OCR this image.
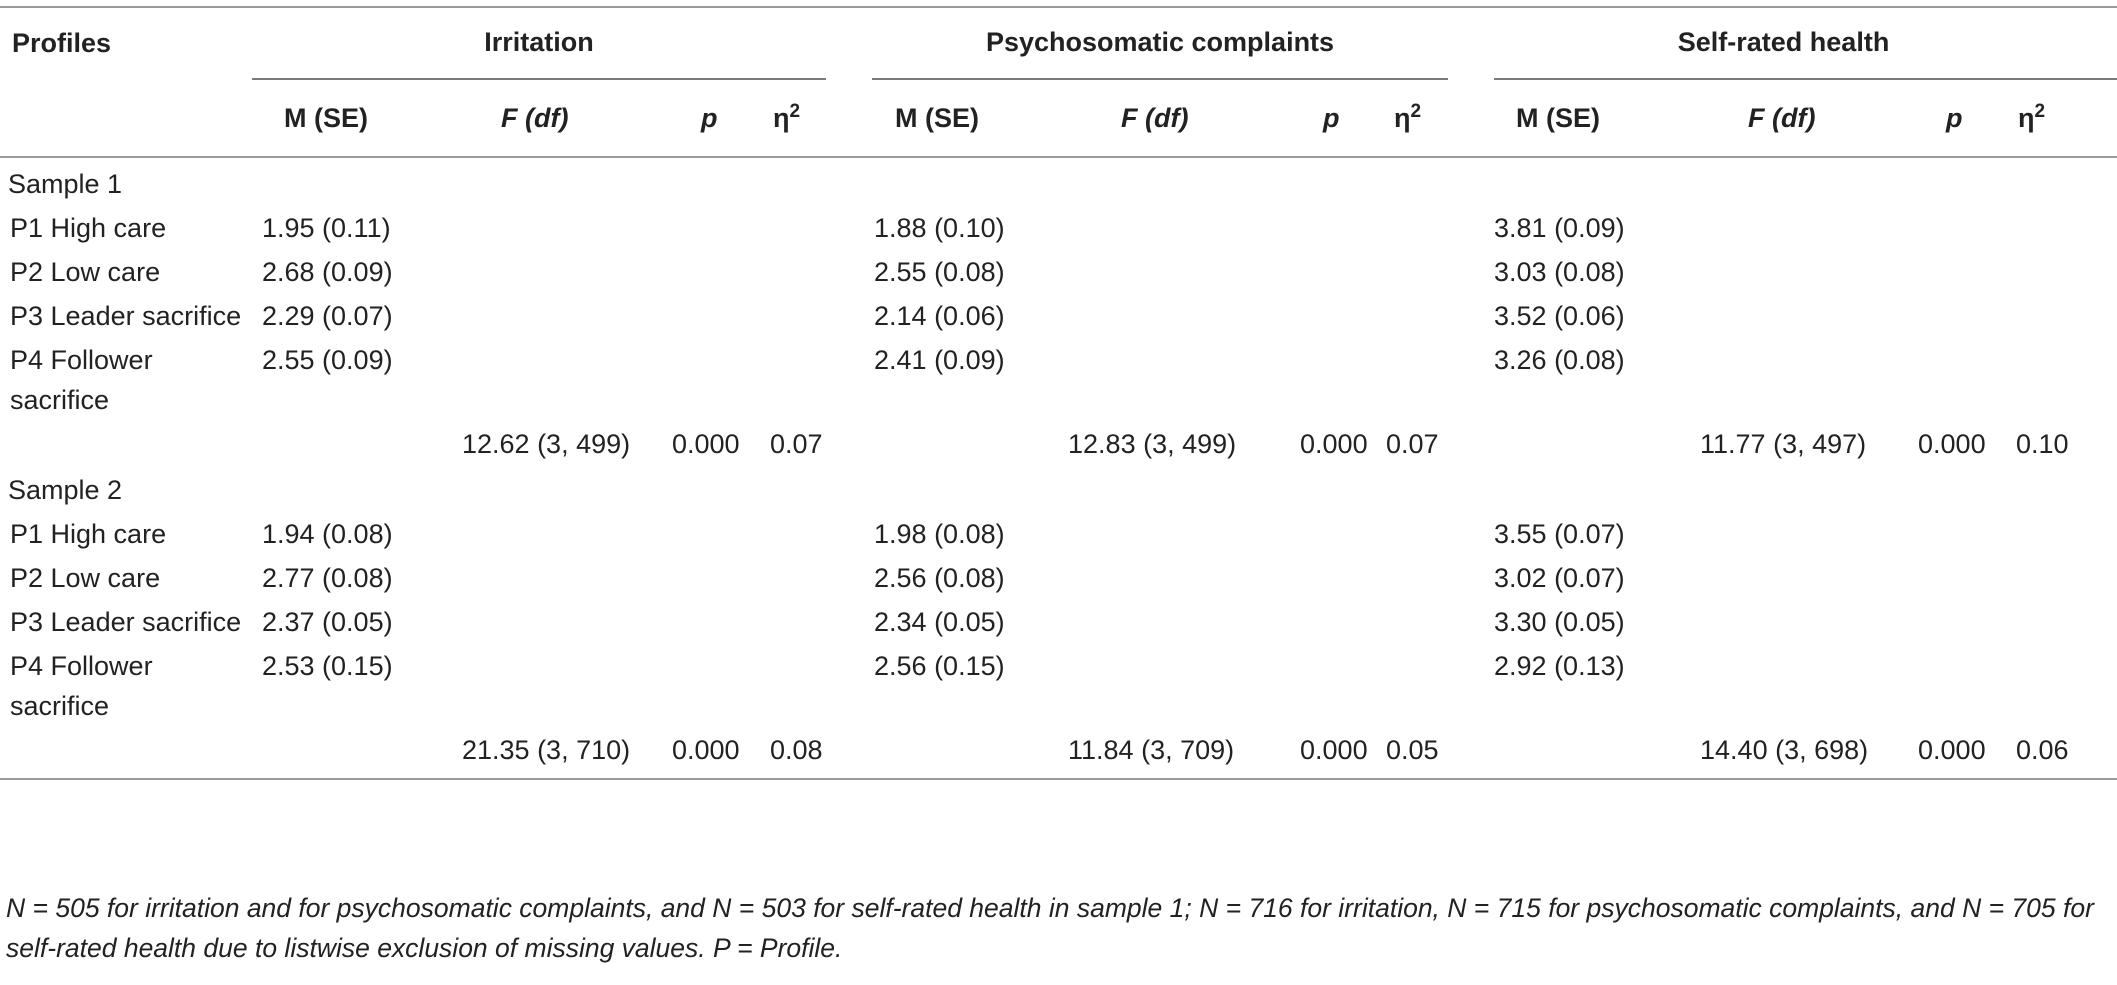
Profiles	Irritation					Psychosomatic complaints					Self-rated health			
	M (SE)	F (df)	p	$\eta^2$		M (SE)	F (df)	p	$\eta^2$		M (SE)	F (df)	p	$\eta^2$
Sample 1														
P1 High care	1.95 (0.11)					1.88 (0.10)					3.81 (0.09)			
P2 Low care	2.68 (0.09)					2.55 (0.08)					3.03 (0.08)			
P3 Leader sacrifice	2.29 (0.07)					2.14 (0.06)					3.52 (0.06)			
P4 Follower sacrifice	2.55 (0.09)					2.41 (0.09)					3.26 (0.08)			
		12.62 (3, 499)	0.000	0.07			12.83 (3, 499)	0.000	0.07			11.77 (3, 497)	0.000	0.10
Sample 2														
P1 High care	1.94 (0.08)					1.98 (0.08)					3.55 (0.07)			
P2 Low care	2.77 (0.08)					2.56 (0.08)					3.02 (0.07)			
P3 Leader sacrifice	2.37 (0.05)					2.34 (0.05)					3.30 (0.05)			
P4 Follower sacrifice	2.53 (0.15)					2.56 (0.15)					2.92 (0.13)			
		21.35 (3, 710)	0.000	0.08			11.84 (3, 709)	0.000	0.05			14.40 (3, 698)	0.000	0.06
N = 505 for irritation and for psychosomatic complaints, and N = 503 for self-rated health in sample 1; N = 716 for irritation, N = 715 for psychosomatic complaints, and N = 705 for self-rated health due to listwise exclusion of missing values. P = Profile.
